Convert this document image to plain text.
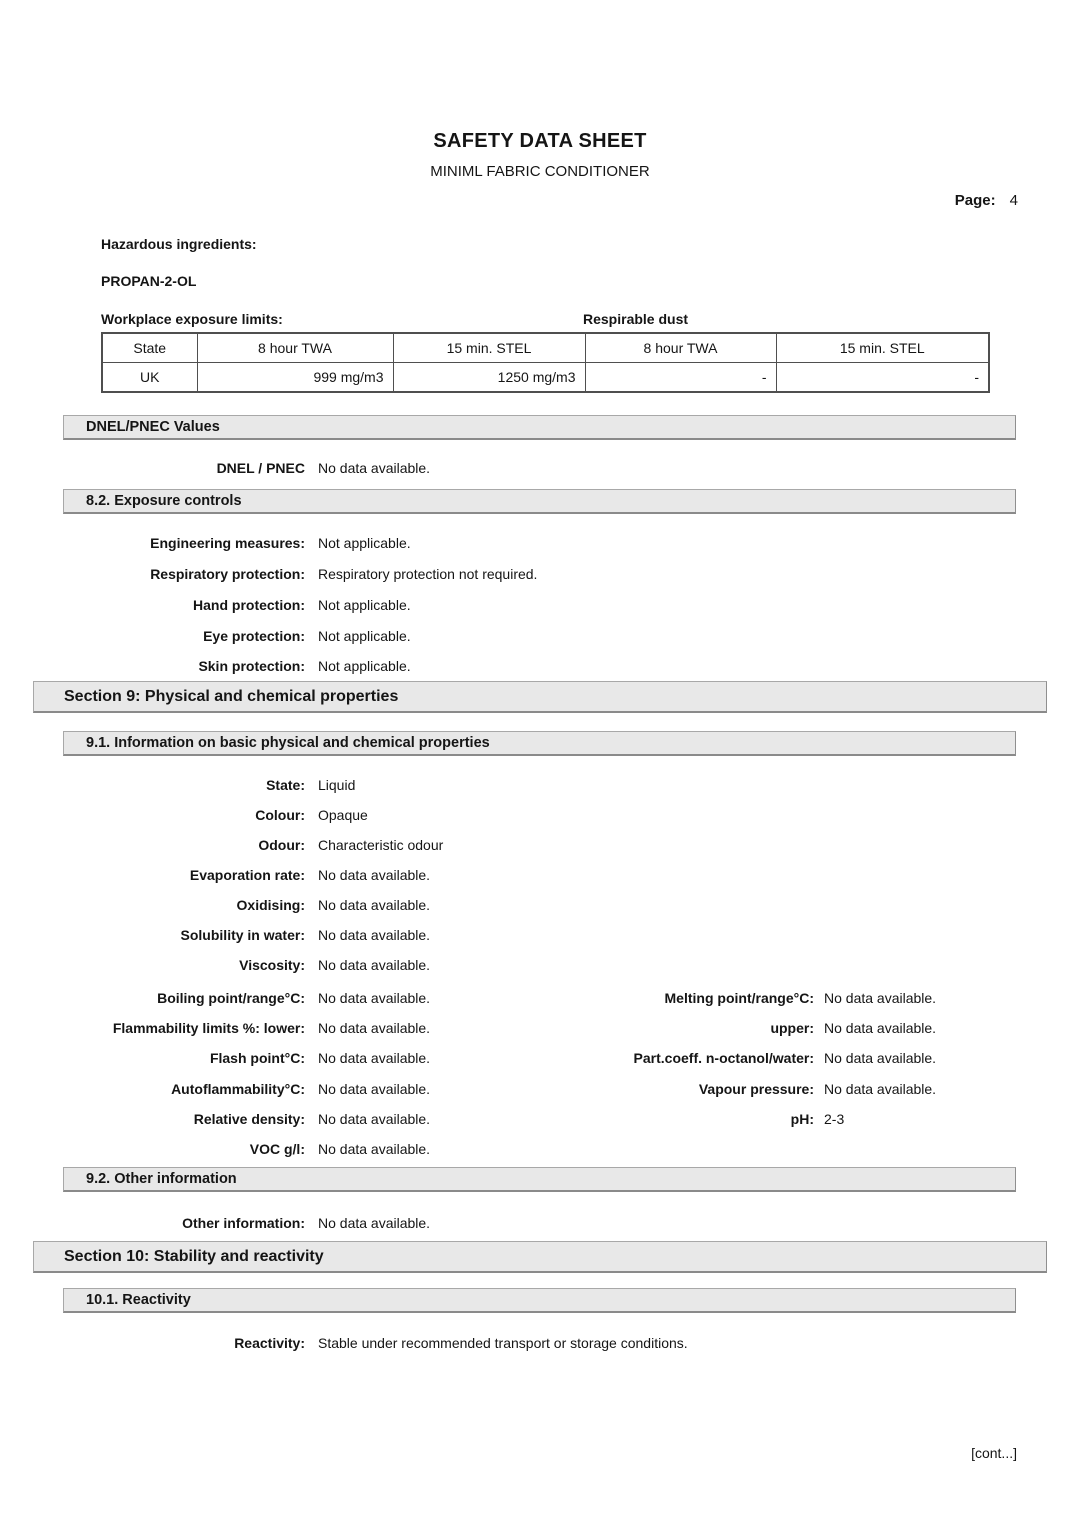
SAFETY DATA SHEET
MINIML FABRIC CONDITIONER
Page: 4
Hazardous ingredients:
PROPAN-2-OL
Workplace exposure limits:	Respirable dust
State	8 hour TWA	15 min. STEL	8 hour TWA	15 min. STEL
UK	999 mg/m3	1250 mg/m3	-	-
DNEL/PNEC Values
DNEL / PNEC No data available.
8.2. Exposure controls
Engineering measures: Not applicable.
Respiratory protection: Respiratory protection not required.
Hand protection: Not applicable.
Eye protection: Not applicable.
Skin protection: Not applicable.
Section 9: Physical and chemical properties
9.1. Information on basic physical and chemical properties
State: Liquid
Colour: Opaque
Odour: Characteristic odour
Evaporation rate: No data available.
Oxidising: No data available.
Solubility in water: No data available.
Viscosity: No data available.
Boiling point/range°C: No data available.	Melting point/range°C: No data available.
Flammability limits %: lower: No data available.	upper: No data available.
Flash point°C: No data available.	Part.coeff. n-octanol/water: No data available.
Autoflammability°C: No data available.	Vapour pressure: No data available.
Relative density: No data available.	pH: 2-3
VOC g/l: No data available.
9.2. Other information
Other information: No data available.
Section 10: Stability and reactivity
10.1. Reactivity
Reactivity: Stable under recommended transport or storage conditions.
[cont...]
